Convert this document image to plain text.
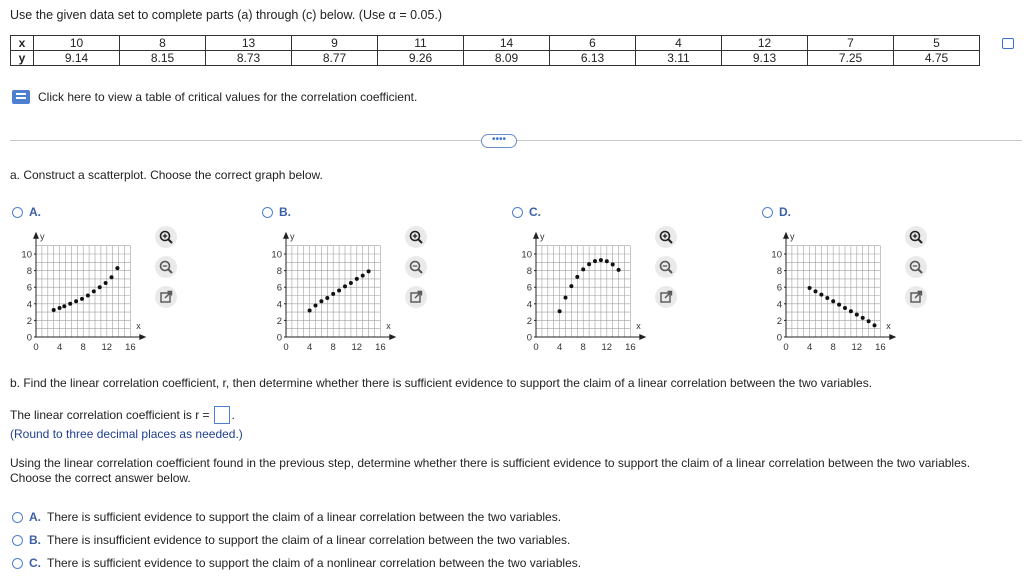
Use the given data set to complete parts (a) through (c) below. (Use α = 0.05.)
x	10	8	13	9	11	14	6	4	12	7	5
y	9.14	8.15	8.73	8.77	9.26	8.09	6.13	3.11	9.13	7.25	4.75
Click here to view a table of critical values for the correlation coefficient.
••••
a. Construct a scatterplot. Choose the correct graph below.
A.
10
8
6
4
2
0
0 4 8 12 16
y
x
B.
10
8
6
4
2
0
0 4 8 12 16
y
x
C.
10
8
6
4
2
0
0 4 8 12 16
y
x
D.
10
8
6
4
2
0
0 4 8 12 16
y
x
b. Find the linear correlation coefficient, r, then determine whether there is sufficient evidence to support the claim of a linear correlation between the two variables.
The linear correlation coefficient is r = .
(Round to three decimal places as needed.)
Using the linear correlation coefficient found in the previous step, determine whether there is sufficient evidence to support the claim of a linear correlation between the two variables. Choose the correct answer below.
A. There is sufficient evidence to support the claim of a linear correlation between the two variables.
B. There is insufficient evidence to support the claim of a linear correlation between the two variables.
C. There is sufficient evidence to support the claim of a nonlinear correlation between the two variables.
